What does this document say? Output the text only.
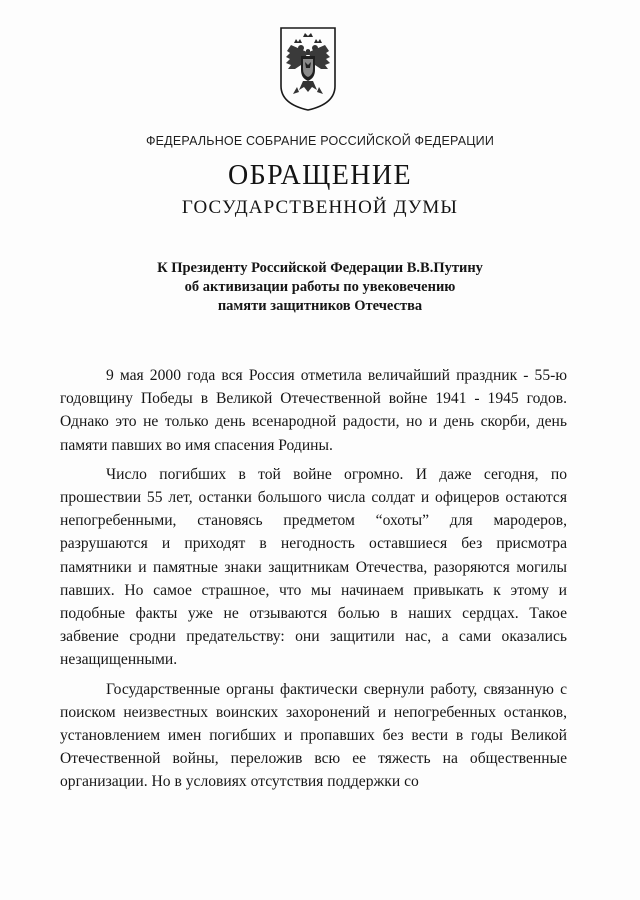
ФЕДЕРАЛЬНОЕ СОБРАНИЕ РОССИЙСКОЙ ФЕДЕРАЦИИ
ОБРАЩЕНИЕ
ГОСУДАРСТВЕННОЙ ДУМЫ
К Президенту Российской Федерации В.В.Путину
об активизации работы по увековечению
памяти защитников Отечества

9 мая 2000 года вся Россия отметила величайший праздник - 55-ю годовщину Победы в Великой Отечественной войне 1941 - 1945 годов. Однако это не только день всенародной радости, но и день скорби, день памяти павших во имя спасения Родины.

Число погибших в той войне огромно. И даже сегодня, по прошествии 55 лет, останки большого числа солдат и офицеров остаются непогребенными, становясь предметом “охоты” для мародеров, разрушаются и приходят в негодность оставшиеся без присмотра памятники и памятные знаки защитникам Отечества, разоряются могилы павших. Но самое страшное, что мы начинаем привыкать к этому и подобные факты уже не отзываются болью в наших сердцах. Такое забвение сродни предательству: они защитили нас, а сами оказались незащищенными.

Государственные органы фактически свернули работу, связанную с поиском неизвестных воинских захоронений и непогребенных останков, установлением имен погибших и пропавших без вести в годы Великой Отечественной войны, переложив всю ее тяжесть на общественные организации. Но в условиях отсутствия поддержки со
